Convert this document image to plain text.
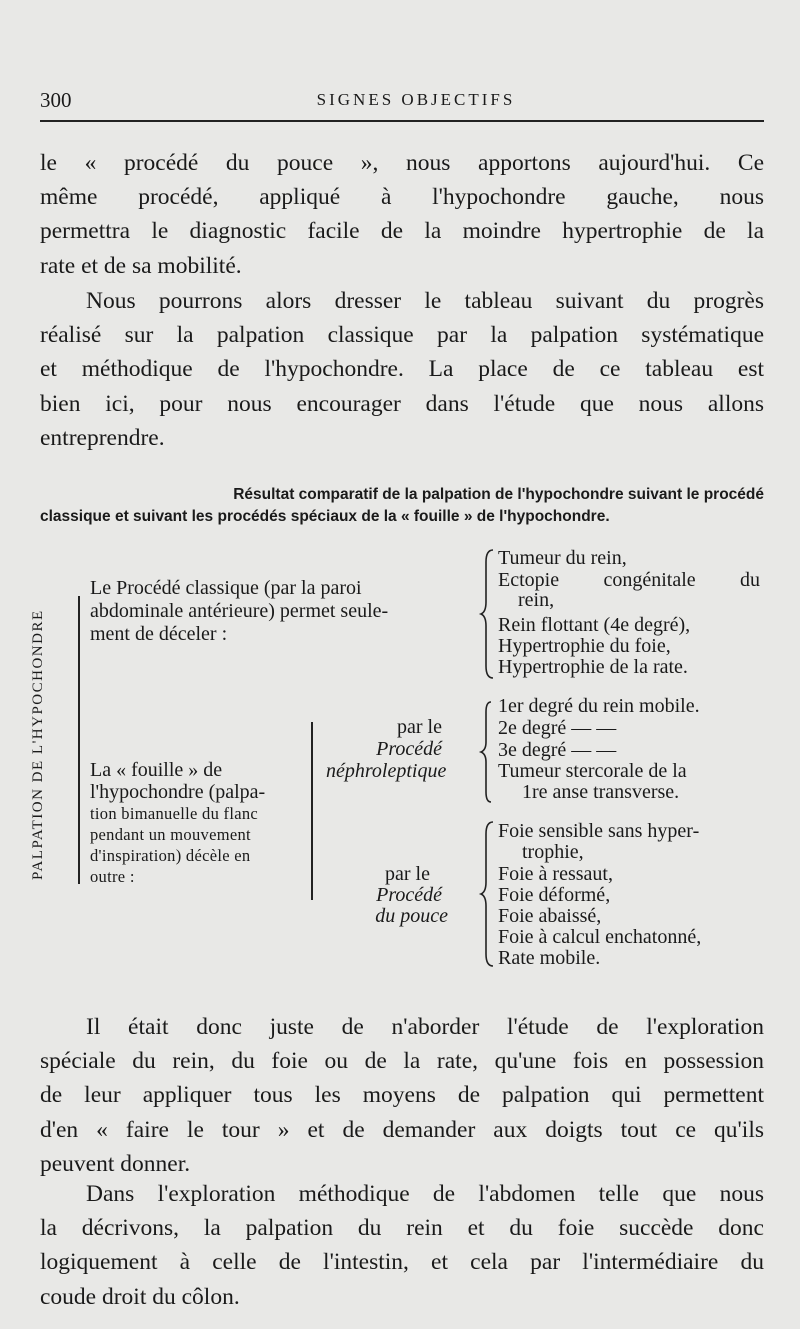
300	SIGNES OBJECTIFS
le « procédé du pouce », nous apportons aujourd'hui. Ce
même procédé, appliqué à l'hypochondre gauche, nous
permettra le diagnostic facile de la moindre hypertrophie de la
rate et de sa mobilité.
Nous pourrons alors dresser le tableau suivant du progrès
réalisé sur la palpation classique par la palpation systématique
et méthodique de l'hypochondre. La place de ce tableau est
bien ici, pour nous encourager dans l'étude que nous allons
entreprendre.
Résultat comparatif de la palpation de l'hypochondre suivant le procédé
classique et suivant les procédés spéciaux de la « fouille » de l'hypochondre.
PALPATION DE L'HYPOCHONDRE
Le Procédé classique (par la paroi
abdominale antérieure) permet seule-
ment de déceler :
Tumeur du rein,
Ectopie congénitale du
rein,
Rein flottant (4e degré),
Hypertrophie du foie,
Hypertrophie de la rate.
La « fouille » de
l'hypochondre (palpa-
tion bimanuelle du flanc
pendant un mouvement
d'inspiration) décèle en
outre :
par le
Procédé
néphroleptique
1er degré du rein mobile.
2e degré — —
3e degré — —
Tumeur stercorale de la
1re anse transverse.
par le
Procédé
du pouce
Foie sensible sans hyper-
trophie,
Foie à ressaut,
Foie déformé,
Foie abaissé,
Foie à calcul enchatonné,
Rate mobile.
Il était donc juste de n'aborder l'étude de l'exploration
spéciale du rein, du foie ou de la rate, qu'une fois en possession
de leur appliquer tous les moyens de palpation qui permettent
d'en « faire le tour » et de demander aux doigts tout ce qu'ils
peuvent donner.
Dans l'exploration méthodique de l'abdomen telle que nous
la décrivons, la palpation du rein et du foie succède donc
logiquement à celle de l'intestin, et cela par l'intermédiaire du
coude droit du côlon.
